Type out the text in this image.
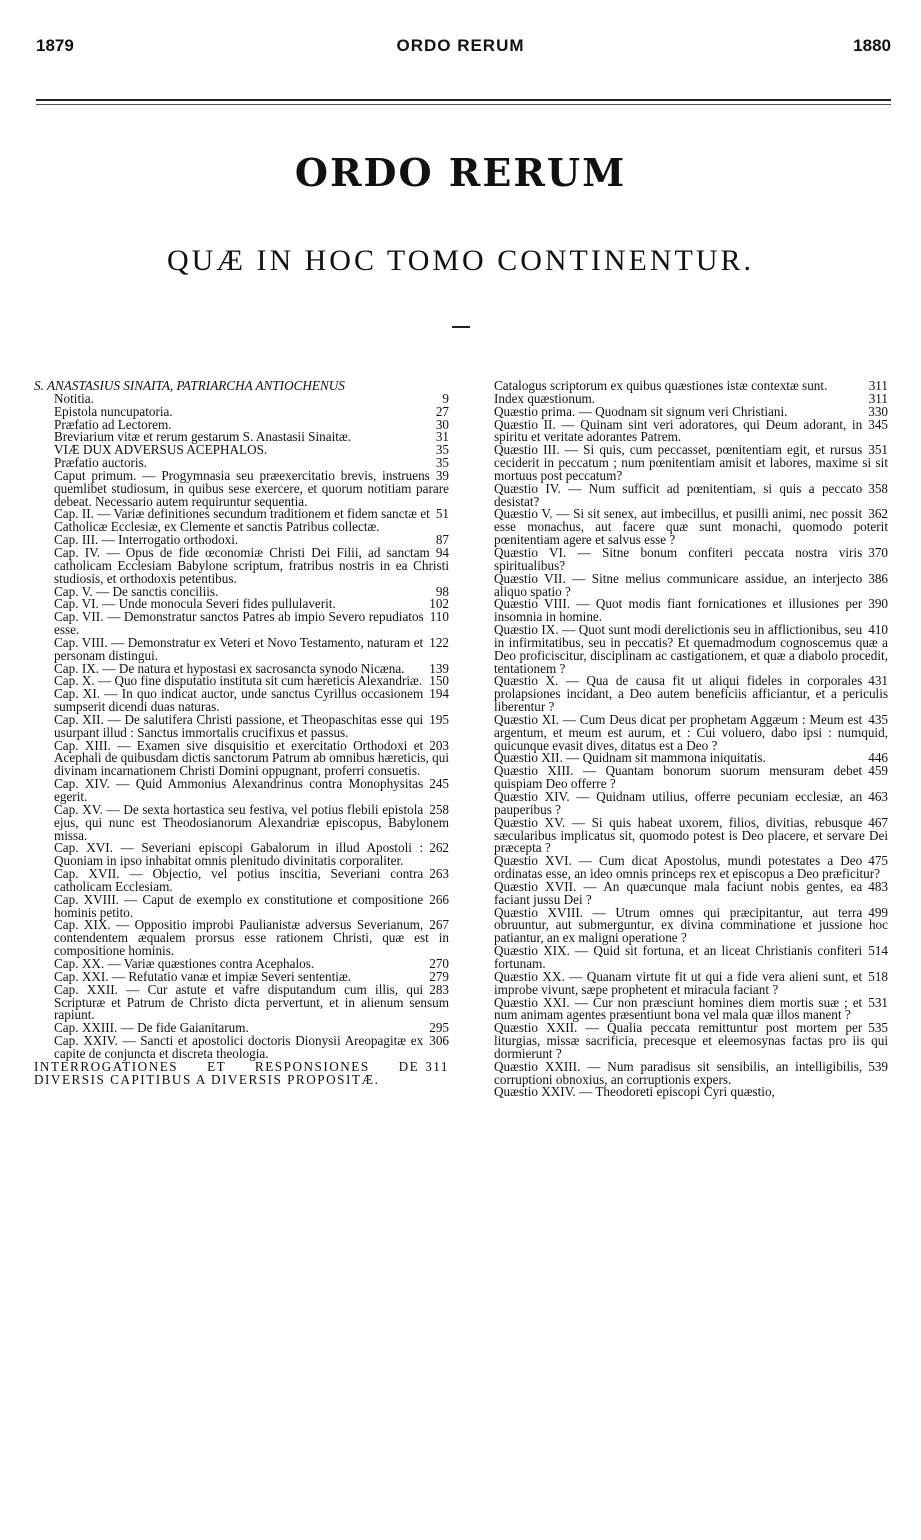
1879	ORDO RERUM	1880
ORDO RERUM
QUÆ IN HOC TOMO CONTINENTUR.

S. ANASTASIUS SINAITA, PATRIARCHA ANTIOCHENUS

9
Notitia.

27
Epistola nuncupatoria.

30
Præfatio ad Lectorem.

31
Breviarium vitæ et rerum gestarum S. Anastasii Sinaitæ.

35
VIÆ DUX ADVERSUS ACEPHALOS.

35
Præfatio auctoris.

39
Caput primum. — Progymnasia seu præexercitatio brevis, instruens quemlibet studiosum, in quibus sese exercere, et quorum notitiam parare debeat. Necessario autem requiruntur sequentia.

51
Cap. II. — Variæ definitiones secundum traditionem et fidem sanctæ et Catholicæ Ecclesiæ, ex Clemente et sanctis Patribus collectæ.

87
Cap. III. — Interrogatio orthodoxi.

94
Cap. IV. — Opus de fide œconomiæ Christi Dei Filii, ad sanctam catholicam Ecclesiam Babylone scriptum, fratribus nostris in ea Christi studiosis, et orthodoxis petentibus.

98
Cap. V. — De sanctis conciliis.

102
Cap. VI. — Unde monocula Severi fides pullulaverit.

110
Cap. VII. — Demonstratur sanctos Patres ab impio Severo repudiatos esse.

122
Cap. VIII. — Demonstratur ex Veteri et Novo Testamento, naturam et personam distingui.

139
Cap. IX. — De natura et hypostasi ex sacrosancta synodo Nicæna.

150
Cap. X. — Quo fine disputatio instituta sit cum hæreticis Alexandriæ.

194
Cap. XI. — In quo indicat auctor, unde sanctus Cyrillus occasionem sumpserit dicendi duas naturas.

195
Cap. XII. — De salutifera Christi passione, et Theopaschitas esse qui usurpant illud : Sanctus immortalis crucifixus et passus.

203
Cap. XIII. — Examen sive disquisitio et exercitatio Orthodoxi et Acephali de quibusdam dictis sanctorum Patrum ab omnibus hæreticis, qui divinam incarnationem Christi Domini oppugnant, proferri consuetis.

245
Cap. XIV. — Quid Ammonius Alexandrinus contra Monophysitas egerit.

258
Cap. XV. — De sexta hortastica seu festiva, vel potius flebili epistola ejus, qui nunc est Theodosianorum Alexandriæ episcopus, Babylonem missa.

262
Cap. XVI. — Severiani episcopi Gabalorum in illud Apostoli : Quoniam in ipso inhabitat omnis plenitudo divinitatis corporaliter.

263
Cap. XVII. — Objectio, vel potius inscitia, Severiani contra catholicam Ecclesiam.

266
Cap. XVIII. — Caput de exemplo ex constitutione et compositione hominis petito.

267
Cap. XIX. — Oppositio improbi Paulianistæ adversus Severianum, contendentem æqualem prorsus esse rationem Christi, quæ est in compositione hominis.

270
Cap. XX. — Variæ quæstiones contra Acephalos.

279
Cap. XXI. — Refutatio vanæ et impiæ Severi sententiæ.

283
Cap. XXII. — Cur astute et vafre disputandum cum illis, qui Scripturæ et Patrum de Christo dicta pervertunt, et in alienum sensum rapiunt.

295
Cap. XXIII. — De fide Gaianitarum.

306
Cap. XXIV. — Sancti et apostolici doctoris Dionysii Areopagitæ ex capite de conjuncta et discreta theologia.

311
INTERROGATIONES ET RESPONSIONES DE DIVERSIS CAPITIBUS A DIVERSIS PROPOSITÆ.

311
Catalogus scriptorum ex quibus quæstiones istæ contextæ sunt.

311
Index quæstionum.

330
Quæstio prima. — Quodnam sit signum veri Christiani.

345
Quæstio II. — Quinam sint veri adoratores, qui Deum adorant, in spiritu et veritate adorantes Patrem.

351
Quæstio III. — Si quis, cum peccasset, pœnitentiam egit, et rursus ceciderit in peccatum ; num pœnitentiam amisit et labores, maxime si sit mortuus post peccatum?

358
Quæstio IV. — Num sufficit ad pœnitentiam, si quis a peccato desistat?

362
Quæstio V. — Si sit senex, aut imbecillus, et pusilli animi, nec possit esse monachus, aut facere quæ sunt monachi, quomodo poterit pœnitentiam agere et salvus esse ?

370
Quæstio VI. — Sitne bonum confiteri peccata nostra viris spiritualibus?

386
Quæstio VII. — Sitne melius communicare assidue, an interjecto aliquo spatio ?

390
Quæstio VIII. — Quot modis fiant fornicationes et illusiones per insomnia in homine.

410
Quæstio IX. — Quot sunt modi derelictionis seu in afflictionibus, seu in infirmitatibus, seu in peccatis? Et quemadmodum cognoscemus quæ a Deo proficiscitur, disciplinam ac castigationem, et quæ a diabolo procedit, tentationem ?

431
Quæstio X. — Qua de causa fit ut aliqui fideles in corporales prolapsiones incidant, a Deo autem beneficiis afficiantur, et a periculis liberentur ?

435
Quæstio XI. — Cum Deus dicat per prophetam Aggæum : Meum est argentum, et meum est aurum, et : Cui voluero, dabo ipsi : numquid, quicunque evasit dives, ditatus est a Deo ?

446
Quæstio XII. — Quidnam sit mammona iniquitatis.

459
Quæstio XIII. — Quantam bonorum suorum mensuram debet quispiam Deo offerre ?

463
Quæstio XIV. — Quidnam utilius, offerre pecuniam ecclesiæ, an pauperibus ?

467
Quæstio XV. — Si quis habeat uxorem, filios, divitias, rebusque sæcularibus implicatus sit, quomodo potest is Deo placere, et servare Dei præcepta ?

475
Quæstio XVI. — Cum dicat Apostolus, mundi potestates a Deo ordinatas esse, an ideo omnis princeps rex et episcopus a Deo præficitur?

483
Quæstio XVII. — An quæcunque mala faciunt nobis gentes, ea faciant jussu Dei ?

499
Quæstio XVIII. — Utrum omnes qui præcipitantur, aut terra obruuntur, aut submerguntur, ex divina comminatione et jussione hoc patiantur, an ex maligni operatione ?

514
Quæstio XIX. — Quid sit fortuna, et an liceat Christianis confiteri fortunam.

518
Quæstio XX. — Quanam virtute fit ut qui a fide vera alieni sunt, et improbe vivunt, sæpe prophetent et miracula faciant ?

531
Quæstio XXI. — Cur non præsciunt homines diem mortis suæ ; et num animam agentes præsentiunt bona vel mala quæ illos manent ?

535
Quæstio XXII. — Qualia peccata remittuntur post mortem per liturgias, missæ sacrificia, precesque et eleemosynas factas pro iis qui dormierunt ?

539
Quæstio XXIII. — Num paradisus sit sensibilis, an intelligibilis, corruptioni obnoxius, an corruptionis expers.

Quæstio XXIV. — Theodoreti episcopi Cyri quæstio,
